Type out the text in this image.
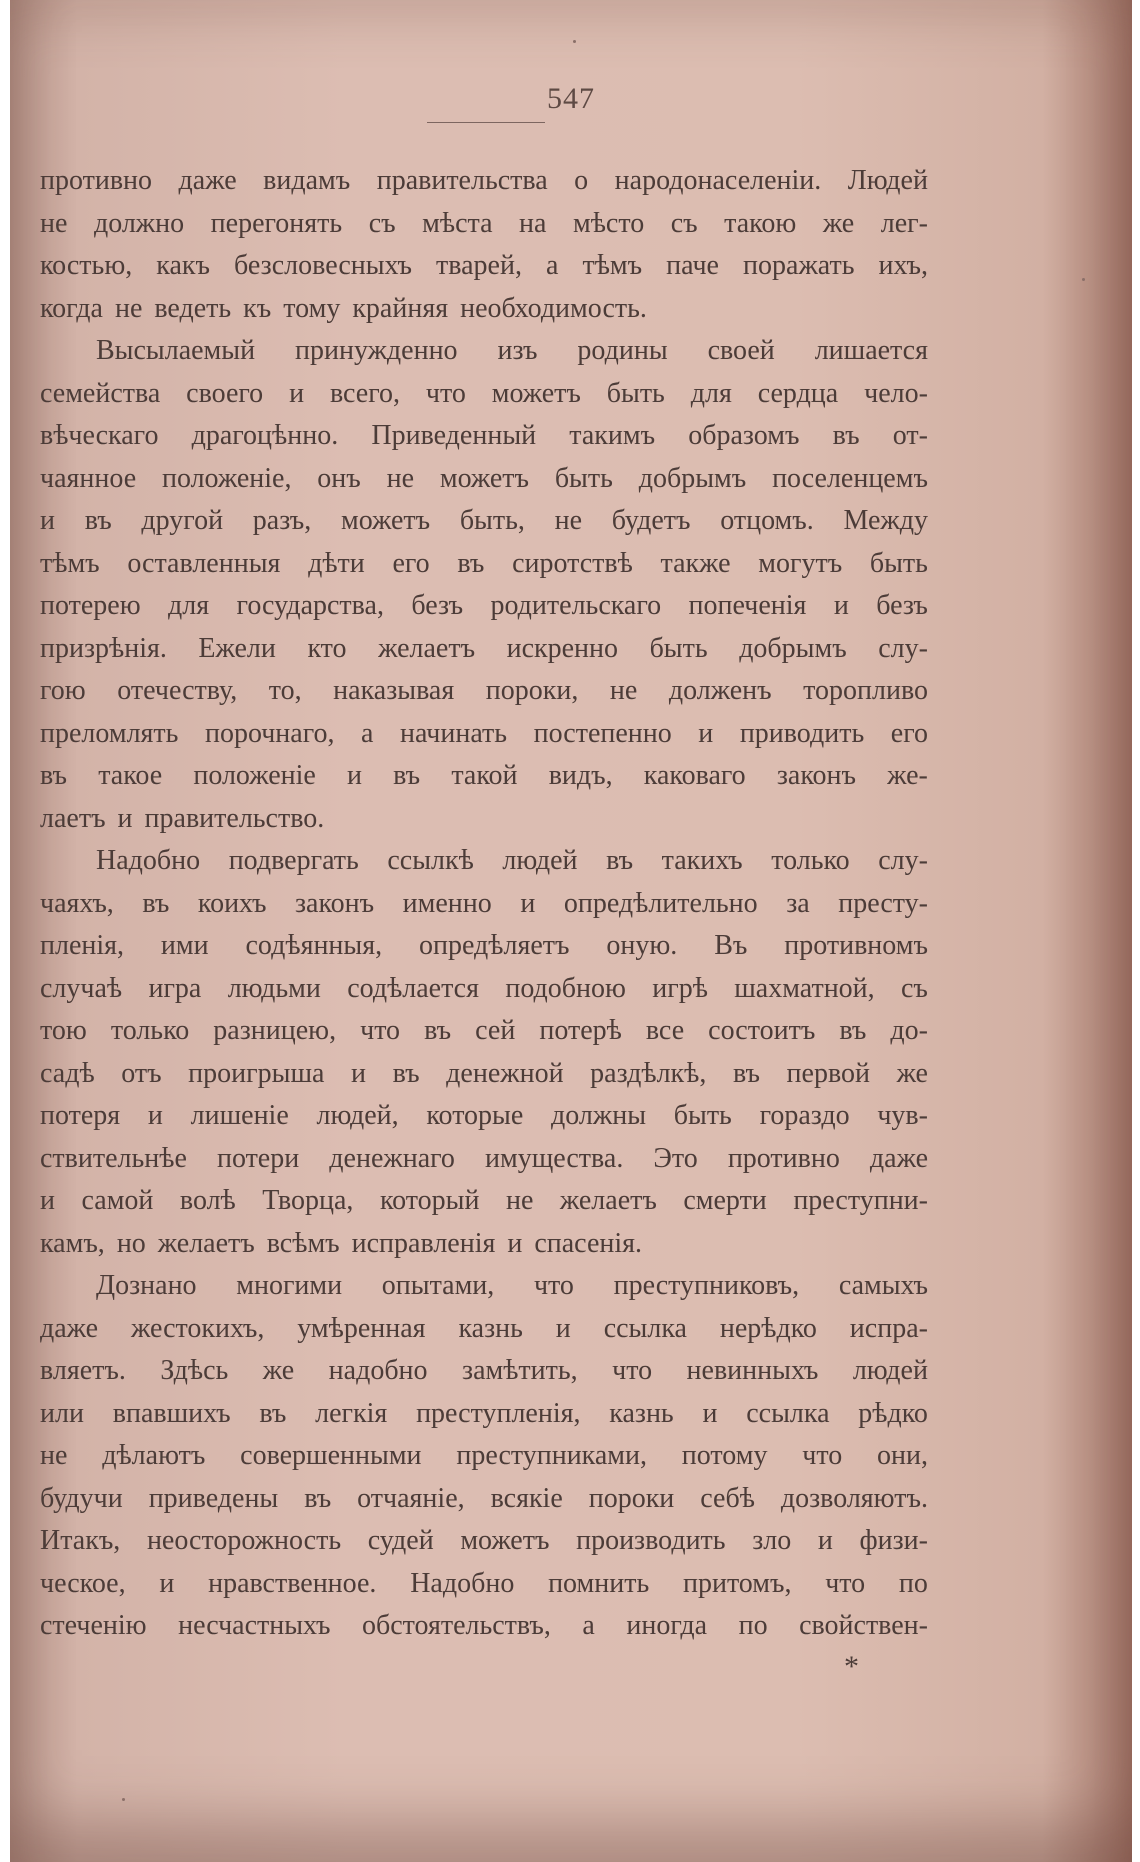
547
противно даже видамъ правительства о народонаселенiи. Людей
не должно перегонять съ мѣста на мѣсто съ такою же лег-
костью, какъ безсловесныхъ тварей, а тѣмъ паче поражать ихъ,
когда не ведеть къ тому крайняя необходимость.
Высылаемый принужденно изъ родины своей лишается
семейства своего и всего, что можетъ быть для сердца чело-
вѣческаго драгоцѣнно. Приведенный такимъ образомъ въ от-
чаянное положенiе, онъ не можетъ быть добрымъ поселенцемъ
и въ другой разъ, можетъ быть, не будетъ отцомъ. Между
тѣмъ оставленныя дѣти его въ сиротствѣ также могутъ быть
потерею для государства, безъ родительскаго попеченiя и безъ
призрѣнiя. Ежели кто желаетъ искренно быть добрымъ слу-
гою отечеству, то, наказывая пороки, не долженъ торопливо
преломлять порочнаго, а начинать постепенно и приводить его
въ такое положенiе и въ такой видъ, каковаго законъ же-
лаетъ и правительство.
Надобно подвергать ссылкѣ людей въ такихъ только слу-
чаяхъ, въ коихъ законъ именно и опредѣлительно за престу-
пленiя, ими содѣянныя, опредѣляетъ оную. Въ противномъ
случаѣ игра людьми содѣлается подобною игрѣ шахматной, съ
тою только разницею, что въ сей потерѣ все состоитъ въ до-
садѣ отъ проигрыша и въ денежной раздѣлкѣ, въ первой же
потеря и лишенiе людей, которые должны быть гораздо чув-
ствительнѣе потери денежнаго имущества. Это противно даже
и самой волѣ Творца, который не желаетъ смерти преступни-
камъ, но желаетъ всѣмъ исправленiя и спасенiя.
Дознано многими опытами, что преступниковъ, самыхъ
даже жестокихъ, умѣренная казнь и ссылка нерѣдко испра-
вляетъ. Здѣсь же надобно замѣтить, что невинныхъ людей
или впавшихъ въ легкiя преступленiя, казнь и ссылка рѣдко
не дѣлаютъ совершенными преступниками, потому что они,
будучи приведены въ отчаянiе, всякiе пороки себѣ дозволяютъ.
Итакъ, неосторожность судей можетъ производить зло и физи-
ческое, и нравственное. Надобно помнить притомъ, что по
стеченiю несчастныхъ обстоятельствъ, а иногда по свойствен-
*
